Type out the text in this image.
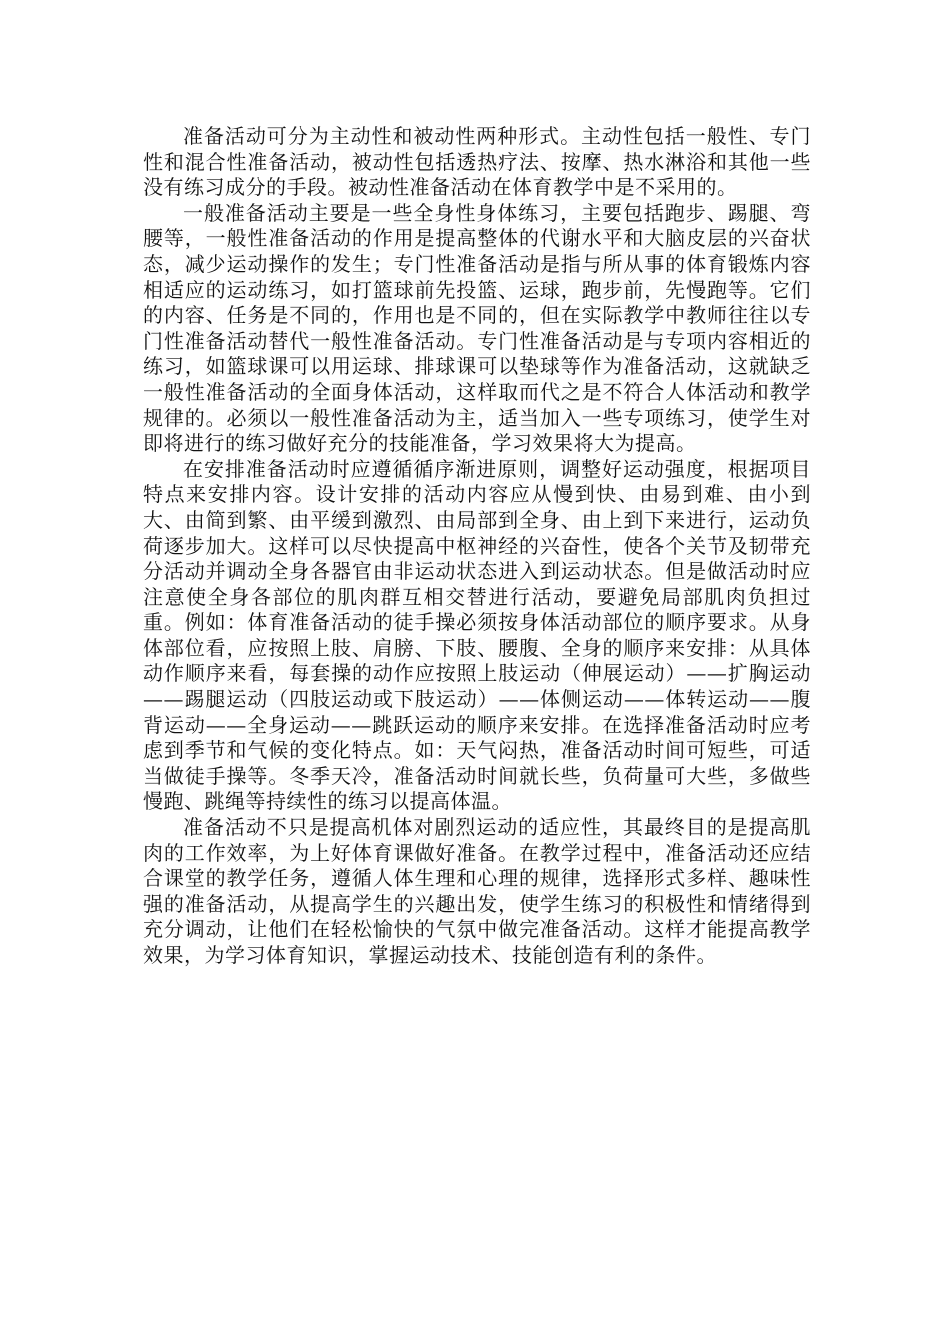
准备活动可分为主动性和被动性两种形式。主动性包括一般性、专门性和混合性准备活动，被动性包括透热疗法、按摩、热水淋浴和其他一些没有练习成分的手段。被动性准备活动在体育教学中是不采用的。

一般准备活动主要是一些全身性身体练习，主要包括跑步、踢腿、弯腰等，一般性准备活动的作用是提高整体的代谢水平和大脑皮层的兴奋状态，减少运动操作的发生；专门性准备活动是指与所从事的体育锻炼内容相适应的运动练习，如打篮球前先投篮、运球，跑步前，先慢跑等。它们的内容、任务是不同的，作用也是不同的，但在实际教学中教师往往以专门性准备活动替代一般性准备活动。专门性准备活动是与专项内容相近的练习，如篮球课可以用运球、排球课可以垫球等作为准备活动，这就缺乏一般性准备活动的全面身体活动，这样取而代之是不符合人体活动和教学规律的。必须以一般性准备活动为主，适当加入一些专项练习，使学生对即将进行的练习做好充分的技能准备，学习效果将大为提高。

在安排准备活动时应遵循循序渐进原则，调整好运动强度，根据项目特点来安排内容。设计安排的活动内容应从慢到快、由易到难、由小到大、由简到繁、由平缓到激烈、由局部到全身、由上到下来进行，运动负荷逐步加大。这样可以尽快提高中枢神经的兴奋性，使各个关节及韧带充分活动并调动全身各器官由非运动状态进入到运动状态。但是做活动时应注意使全身各部位的肌肉群互相交替进行活动，要避免局部肌肉负担过重。例如：体育准备活动的徒手操必须按身体活动部位的顺序要求。从身体部位看，应按照上肢、肩膀、下肢、腰腹、全身的顺序来安排：从具体动作顺序来看，每套操的动作应按照上肢运动（伸展运动）——扩胸运动——踢腿运动（四肢运动或下肢运动）——体侧运动——体转运动——腹背运动——全身运动——跳跃运动的顺序来安排。在选择准备活动时应考虑到季节和气候的变化特点。如：天气闷热，准备活动时间可短些，可适当做徒手操等。冬季天冷，准备活动时间就长些，负荷量可大些，多做些慢跑、跳绳等持续性的练习以提高体温。

准备活动不只是提高机体对剧烈运动的适应性，其最终目的是提高肌肉的工作效率，为上好体育课做好准备。在教学过程中，准备活动还应结合课堂的教学任务，遵循人体生理和心理的规律，选择形式多样、趣味性强的准备活动，从提高学生的兴趣出发，使学生练习的积极性和情绪得到充分调动，让他们在轻松愉快的气氛中做完准备活动。这样才能提高教学效果，为学习体育知识，掌握运动技术、技能创造有利的条件。
